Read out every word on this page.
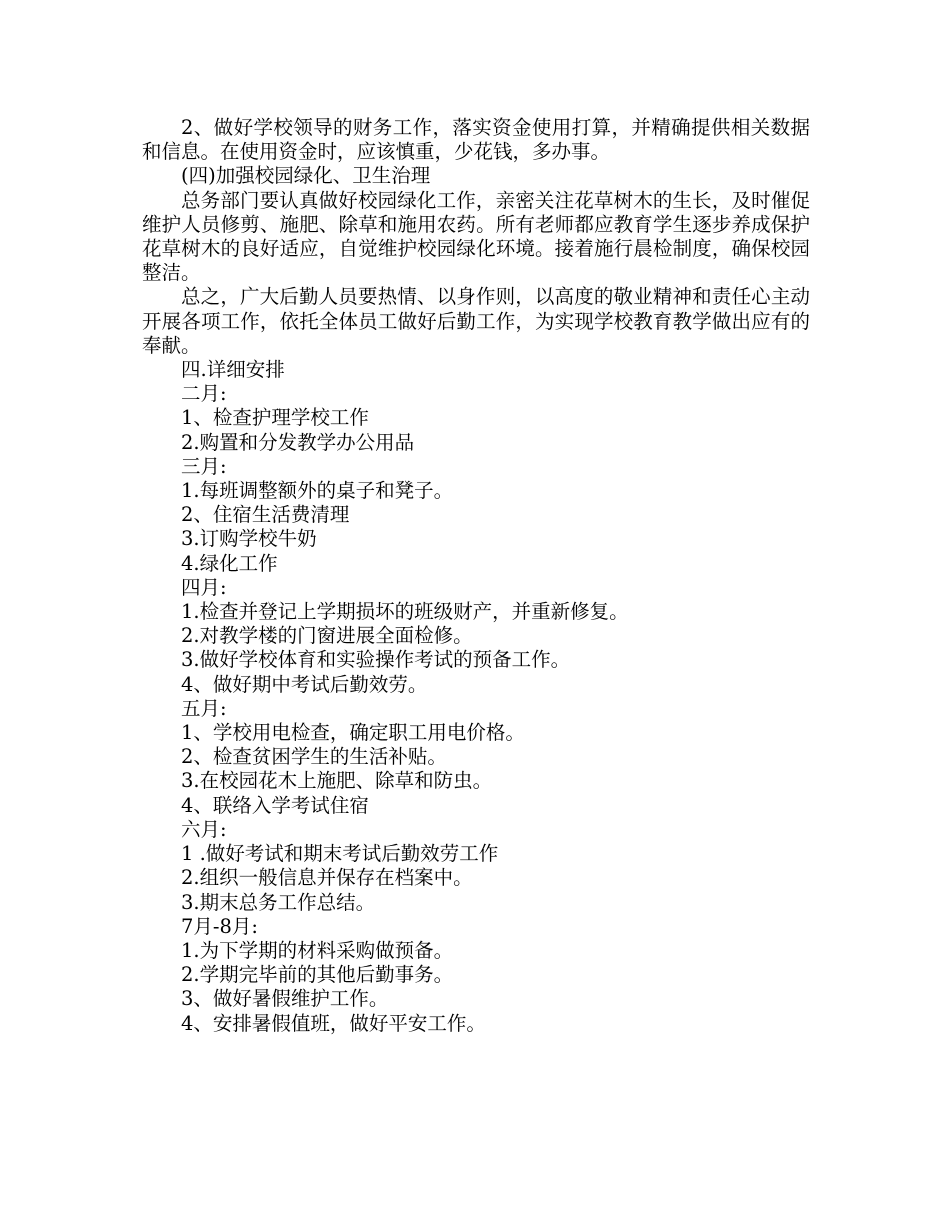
2、做好学校领导的财务工作，落实资金使用打算，并精确提供相关数据和信息。在使用资金时，应该慎重，少花钱，多办事。

(四)加强校园绿化、卫生治理

总务部门要认真做好校园绿化工作，亲密关注花草树木的生长，及时催促维护人员修剪、施肥、除草和施用农药。所有老师都应教育学生逐步养成保护花草树木的良好适应，自觉维护校园绿化环境。接着施行晨检制度，确保校园整洁。

总之，广大后勤人员要热情、以身作则，以高度的敬业精神和责任心主动开展各项工作，依托全体员工做好后勤工作，为实现学校教育教学做出应有的奉献。

四.详细安排
二月:
1、检查护理学校工作
2.购置和分发教学办公用品
三月:
1.每班调整额外的桌子和凳子。
2、住宿生活费清理
3.订购学校牛奶
4.绿化工作
四月:
1.检查并登记上学期损坏的班级财产，并重新修复。
2.对教学楼的门窗进展全面检修。
3.做好学校体育和实验操作考试的预备工作。
4、做好期中考试后勤效劳。
五月:
1、学校用电检查，确定职工用电价格。
2、检查贫困学生的生活补贴。
3.在校园花木上施肥、除草和防虫。
4、联络入学考试住宿
六月:
1 .做好考试和期末考试后勤效劳工作
2.组织一般信息并保存在档案中。
3.期末总务工作总结。
7月-8月:
1.为下学期的材料采购做预备。
2.学期完毕前的其他后勤事务。
3、做好暑假维护工作。
4、安排暑假值班，做好平安工作。
